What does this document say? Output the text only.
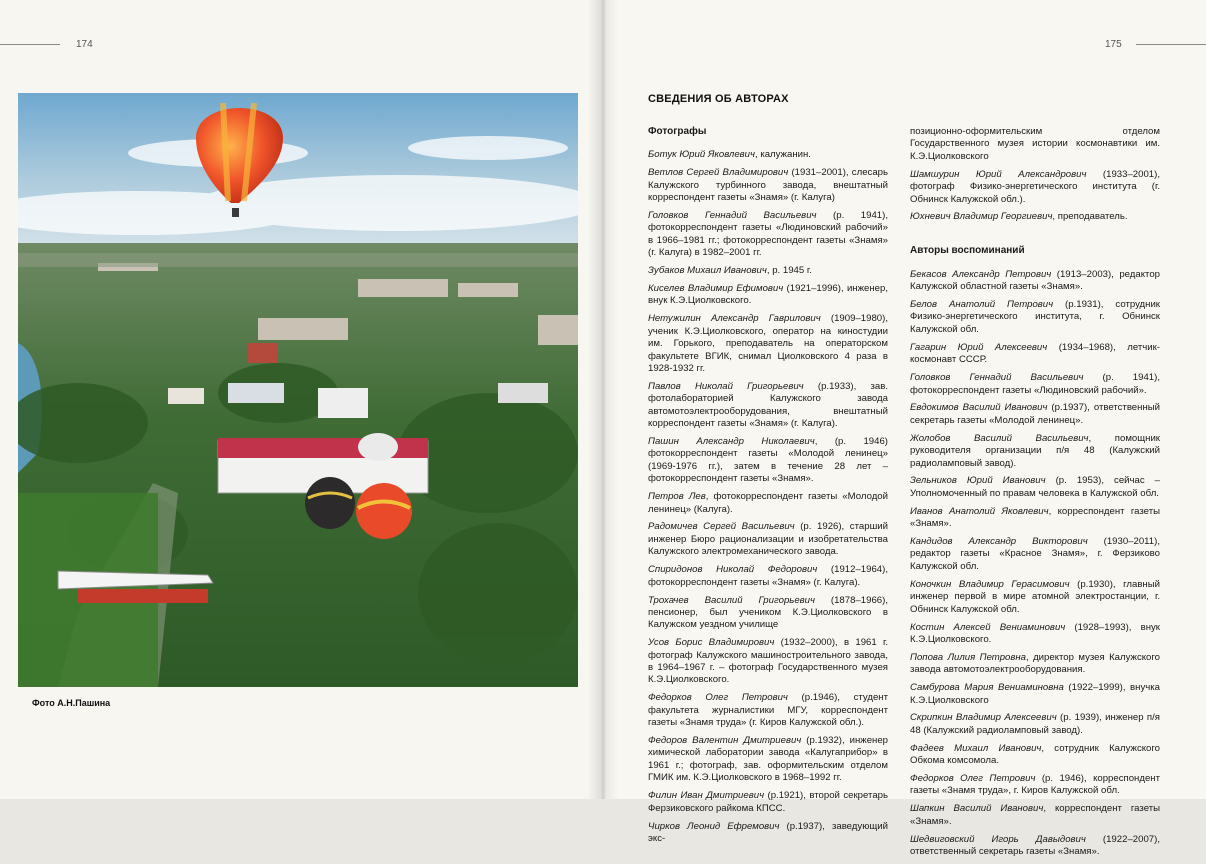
174
Фото А.Н.Пашина
175
СВЕДЕНИЯ ОБ АВТОРАХ
Фотографы

Ботук Юрий Яковлевич, калужанин.

Ветлов Сергей Владимирович (1931–2001), слесарь Калужского турбинного завода, внештатный корреспондент газеты «Знамя» (г. Калуга)

Головков Геннадий Васильевич (р. 1941), фотокорреспондент газеты «Людиновский рабочий» в 1966–1981 гг.; фотокорреспондент газеты «Знамя» (г. Калуга) в 1982–2001 гг.

Зубаков Михаил Иванович, р. 1945 г.

Киселев Владимир Ефимович (1921–1996), инженер, внук К.Э.Циолковского.

Нетужилин Александр Гаврилович (1909–1980), ученик К.Э.Циолковского, оператор на киностудии им. Горького, преподаватель на операторском факультете ВГИК, снимал Циолковского 4 раза в 1928-1932 гг.

Павлов Николай Григорьевич (р.1933), зав. фотолабораторией Калужского завода автомотоэлектрооборудования, внештатный корреспондент газеты «Знамя» (г. Калуга).

Пашин Александр Николаевич, (р. 1946) фотокорреспондент газеты «Молодой ленинец» (1969-1976 гг.), затем в течение 28 лет – фотокорреспондент газеты «Знамя».

Петров Лев, фотокорреспондент газеты «Молодой ленинец» (Калуга).

Радомичев Сергей Васильевич (р. 1926), старший инженер Бюро рационализации и изобретательства Калужского электромеханического завода.

Спиридонов Николай Федорович (1912–1964), фотокорреспондент газеты «Знамя» (г. Калуга).

Трохачев Василий Григорьевич (1878–1966), пенсионер, был учеником К.Э.Циолковского в Калужском уездном училище

Усов Борис Владимирович (1932–2000), в 1961 г. фотограф Калужского машиностроительного завода, в 1964–1967 г. – фотограф Государственного музея К.Э.Циолковского.

Федорков Олег Петрович (р.1946), студент факультета журналистики МГУ, корреспондент газеты «Знамя труда» (г. Киров Калужской обл.).

Федоров Валентин Дмитриевич (р.1932), инженер химической лаборатории завода «Калугаприбор» в 1961 г.; фотограф, зав. оформительским отделом ГМИК им. К.Э.Циолковского в 1968–1992 гг.

Филин Иван Дмитриевич (р.1921), второй секретарь Ферзиковского райкома КПСС.

Чирков Леонид Ефремович (р.1937), заведующий экс-

позиционно-оформительским отделом Государственного музея истории космонавтики им. К.Э.Циолковского

Шамшурин Юрий Александрович (1933–2001), фотограф Физико-энергетического института (г. Обнинск Калужской обл.).

Юхневич Владимир Георгиевич, преподаватель.

Авторы воспоминаний

Бекасов Александр Петрович (1913–2003), редактор Калужской областной газеты «Знамя».

Белов Анатолий Петрович (р.1931), сотрудник Физико-энергетического института, г. Обнинск Калужской обл.

Гагарин Юрий Алексеевич (1934–1968), летчик-космонавт СССР.

Головков Геннадий Васильевич (р. 1941), фотокорреспондент газеты «Людиновский рабочий».

Евдокимов Василий Иванович (р.1937), ответственный секретарь газеты «Молодой ленинец».

Жолобов Василий Васильевич, помощник руководителя организации п/я 48 (Калужский радиоламповый завод).

Зельников Юрий Иванович (р. 1953), сейчас – Уполномоченный по правам человека в Калужской обл.

Иванов Анатолий Яковлевич, корреспондент газеты «Знамя».

Кандидов Александр Викторович (1930–2011), редактор газеты «Красное Знамя», г. Ферзиково Калужской обл.

Коночкин Владимир Герасимович (р.1930), главный инженер первой в мире атомной электростанции, г. Обнинск Калужской обл.

Костин Алексей Вениаминович (1928–1993), внук К.Э.Циолковского.

Попова Лилия Петровна, директор музея Калужского завода автомотоэлектрооборудования.

Самбурова Мария Вениаминовна (1922–1999), внучка К.Э.Циолковского

Скрипкин Владимир Алексеевич (р. 1939), инженер п/я 48 (Калужский радиоламповый завод).

Фадеев Михаил Иванович, сотрудник Калужского Обкома комсомола.

Федорков Олег Петрович (р. 1946), корреспондент газеты «Знамя труда», г. Киров Калужской обл.

Шапкин Василий Иванович, корреспондент газеты «Знамя».

Шедвиговский Игорь Давыдович (1922–2007), ответственный секретарь газеты «Знамя».
